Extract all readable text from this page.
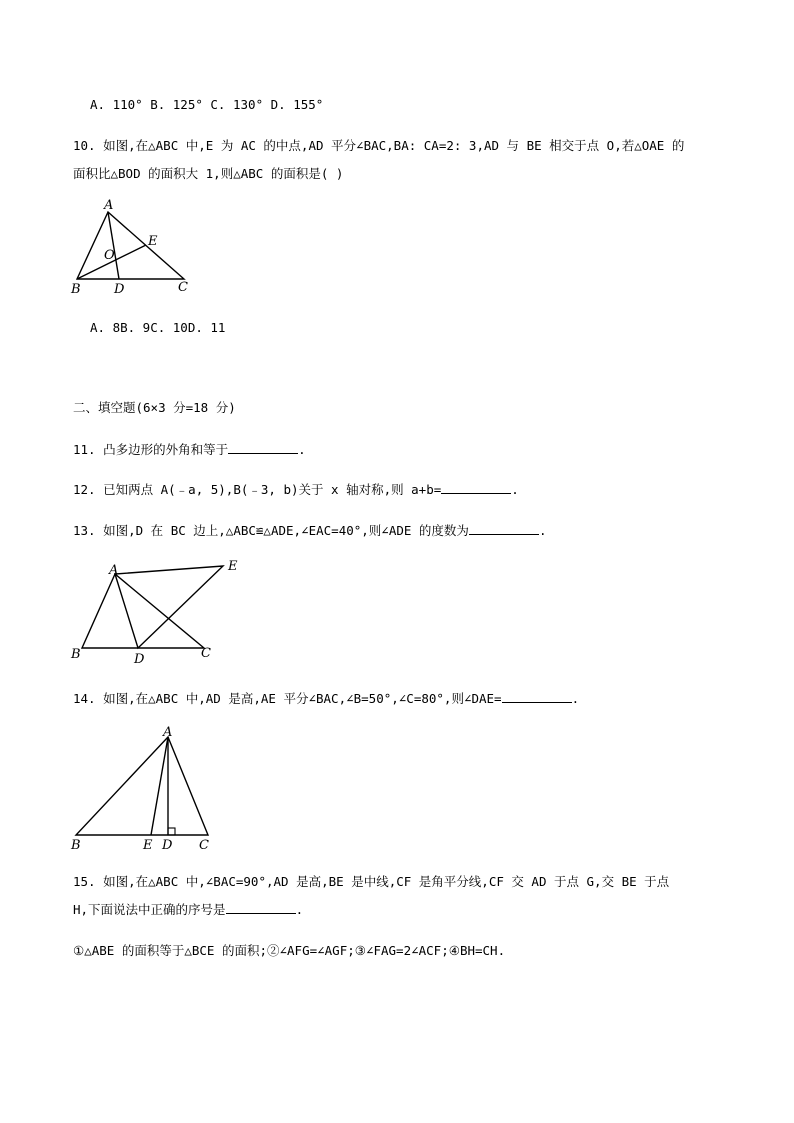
A. 110° B. 125° C. 130° D. 155°
10. 如图,在△ABC 中,E 为 AC 的中点,AD 平分∠BAC,BA: CA=2: 3,AD 与 BE 相交于点 O,若△OAE 的
面积比△BOD 的面积大 1,则△ABC 的面积是( )
A
B	C
D
E
O
A. 8B. 9C. 10D. 11
二、填空题(6×3 分=18 分)
11. 凸多边形的外角和等于	.
12. 已知两点 A(﹣a, 5),B(﹣3, b)关于 x 轴对称,则 a+b=	.
13. 如图,D 在 BC 边上,△ABC≌△ADE,∠EAC=40°,则∠ADE 的度数为	.
A
B	C
D
E
14. 如图,在△ABC 中,AD 是高,AE 平分∠BAC,∠B=50°,∠C=80°,则∠DAE=	.
A
B	C
D
E
15. 如图,在△ABC 中,∠BAC=90°,AD 是高,BE 是中线,CF 是角平分线,CF 交 AD 于点 G,交 BE 于点
H,下面说法中正确的序号是	.
①△ABE 的面积等于△BCE 的面积;②∠AFG=∠AGF;③∠FAG=2∠ACF;④BH=CH.
